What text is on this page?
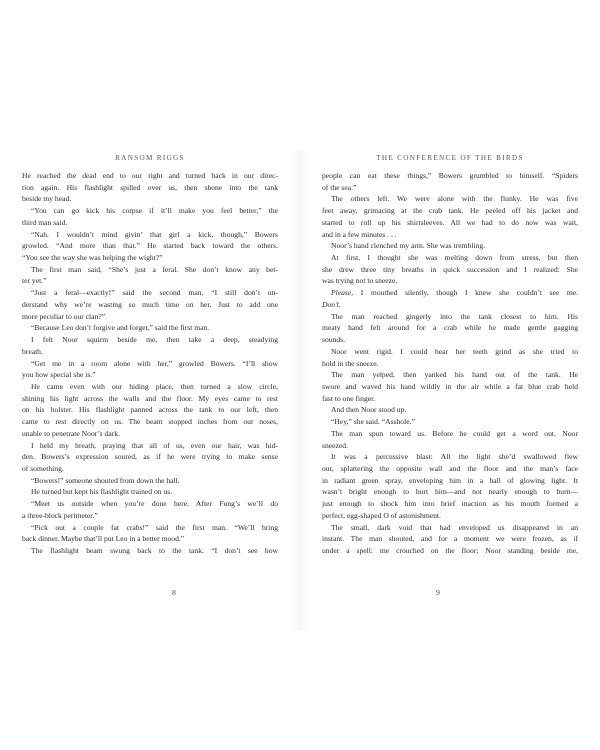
RANSOM RIGGS
He reached the dead end to our right and turned back in our direc-
tion again. His flashlight spilled over us, then shone into the tank
beside my head.
“You can go kick his corpse if it’ll make you feel better,” the
third man said.
“Nah. I wouldn’t mind givin’ that girl a kick, though,” Bowers
growled. “And more than that.” He started back toward the others.
“You see the way she was helping the wight?”
The first man said, “She’s just a feral. She don’t know any bet-
ter yet.”
“Just a feral—exactly!” said the second man. “I still don’t un-
derstand why we’re wasting so much time on her. Just to add one
more peculiar to our clan?”
“Because Leo don’t forgive and forget,” said the first man.
I felt Noor squirm beside me, then take a deep, steadying
breath.
“Get me in a room alone with her,” growled Bowers. “I’ll show
you how special she is.”
He came even with our hiding place, then turned a slow circle,
shining his light across the walls and the floor. My eyes came to rest
on his holster. His flashlight panned across the tank to our left, then
came to rest directly on us. The beam stopped inches from our noses,
unable to penetrate Noor’s dark.
I held my breath, praying that all of us, even our hair, was hid-
den. Bowers’s expression soured, as if he were trying to make sense
of something.
“Bowers!” someone shouted from down the hall.
He turned but kept his flashlight trained on us.
“Meet us outside when you’re done here. After Fung’s we’ll do
a three-block perimeter.”
“Pick out a couple fat crabs!” said the first man. “We’ll bring
back dinner. Maybe that’ll put Leo in a better mood.”
The flashlight beam swung back to the tank. “I don’t see how
8
THE CONFERENCE OF THE BIRDS
people can eat these things,” Bowers grumbled to himself. “Spiders
of the sea.”
The others left. We were alone with the flunky. He was five
feet away, grimacing at the crab tank. He peeled off his jacket and
started to roll up his shirtsleeves. All we had to do now was wait,
and in a few minutes . . .
Noor’s hand clenched my arm. She was trembling.
At first, I thought she was melting down from stress, but then
she drew three tiny breaths in quick succession and I realized: She
was trying not to sneeze.
Please, I mouthed silently, though I knew she couldn’t see me.
Don’t.
The man reached gingerly into the tank closest to him. His
meaty hand felt around for a crab while he made gentle gagging
sounds.
Noor went rigid. I could hear her teeth grind as she tried to
hold in the sneeze.
The man yelped, then yanked his hand out of the tank. He
swore and waved his hand wildly in the air while a fat blue crab held
fast to one finger.
And then Noor stood up.
“Hey,” she said. “Asshole.”
The man spun toward us. Before he could get a word out, Noor
sneezed.
It was a percussive blast: All the light she’d swallowed flew
out, splattering the opposite wall and the floor and the man’s face
in radiant green spray, enveloping him in a ball of glowing light. It
wasn’t bright enough to hurt him—and not nearly enough to burn—
just enough to shock him into brief inaction as his mouth formed a
perfect, egg-shaped O of astonishment.
The small, dark void that had enveloped us disappeared in an
instant. The man shouted, and for a moment we were frozen, as if
under a spell: me crouched on the floor; Noor standing beside me,
9
